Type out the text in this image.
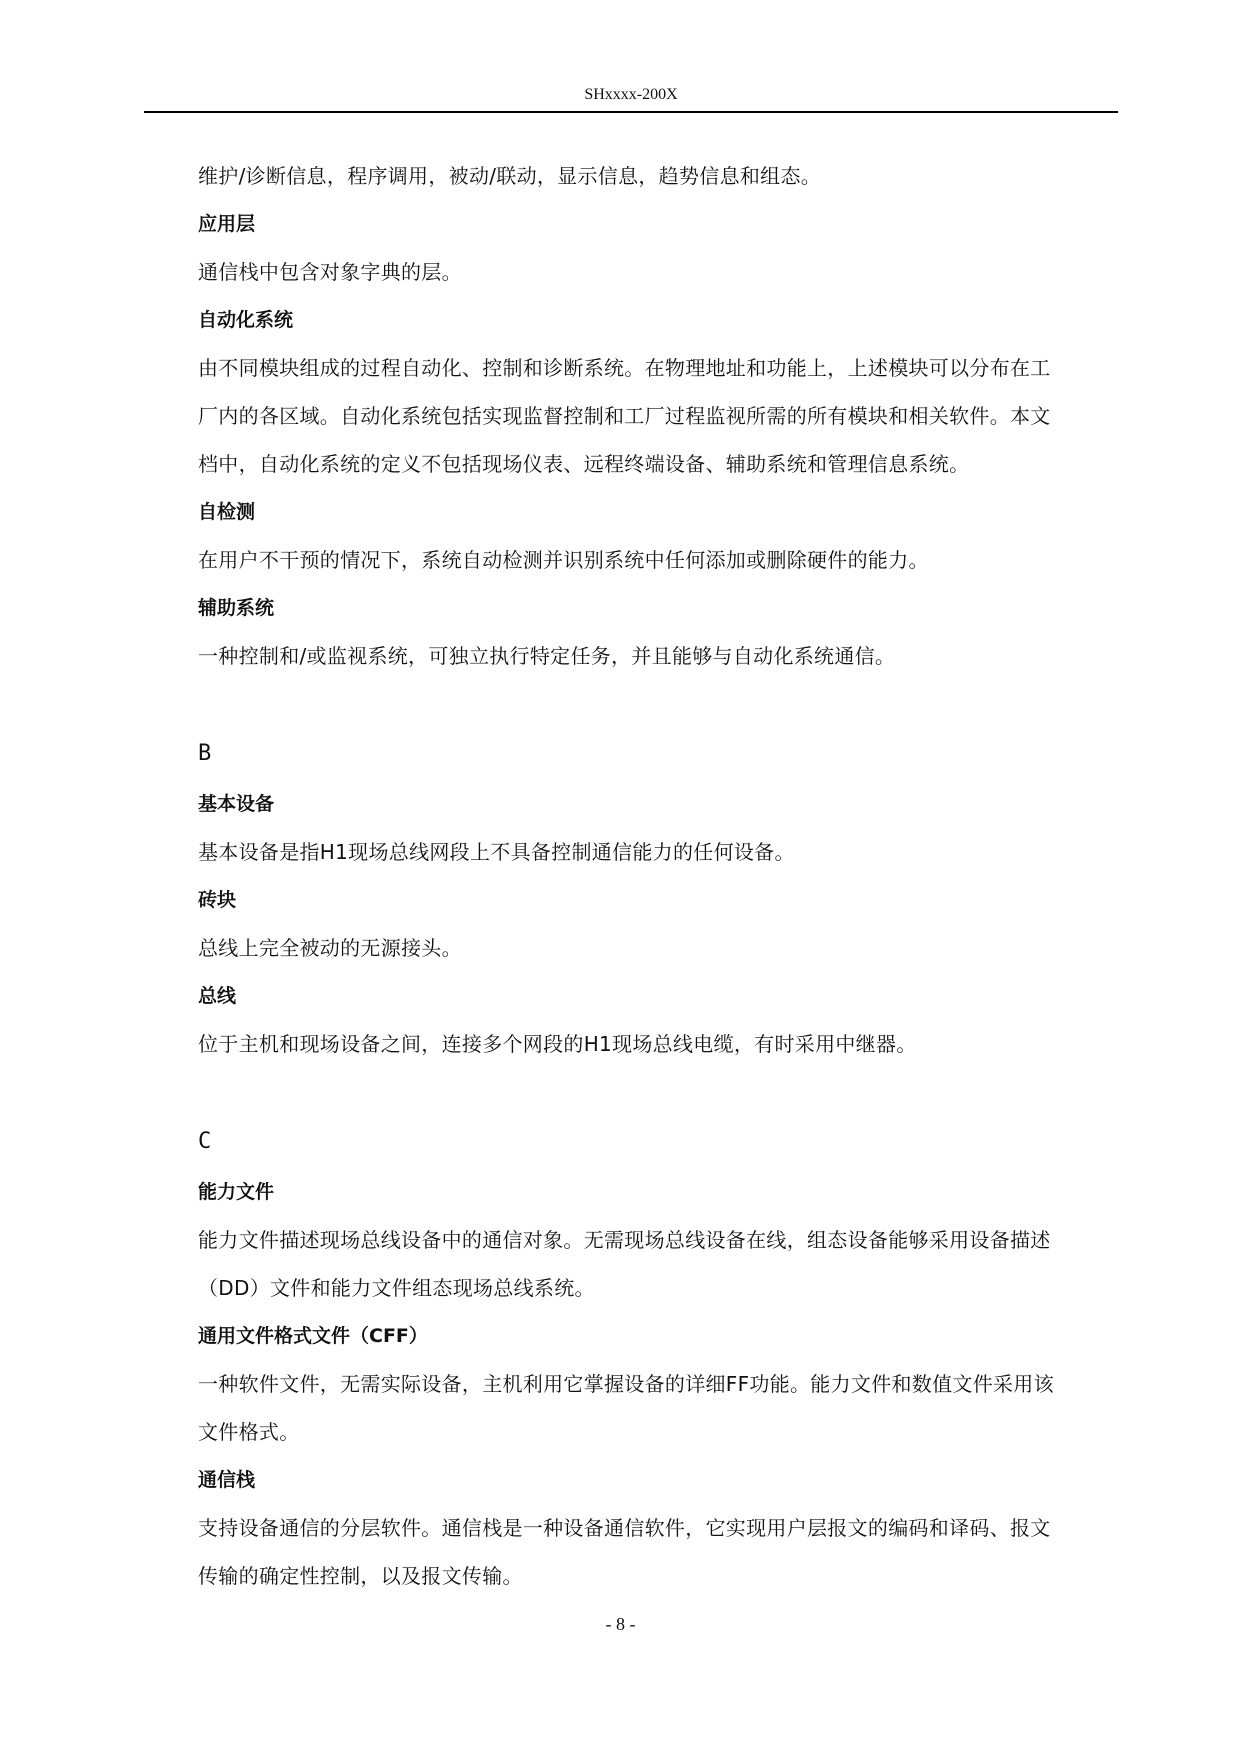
SHxxxx-200X

维护/诊断信息，程序调用，被动/联动，显示信息，趋势信息和组态。

应用层

通信栈中包含对象字典的层。

自动化系统

由不同模块组成的过程自动化、控制和诊断系统。在物理地址和功能上，上述模块可以分布在工

厂内的各区域。自动化系统包括实现监督控制和工厂过程监视所需的所有模块和相关软件。本文

档中，自动化系统的定义不包括现场仪表、远程终端设备、辅助系统和管理信息系统。

自检测

在用户不干预的情况下，系统自动检测并识别系统中任何添加或删除硬件的能力。

辅助系统

一种控制和/或监视系统，可独立执行特定任务，并且能够与自动化系统通信。

B

基本设备

基本设备是指H1现场总线网段上不具备控制通信能力的任何设备。

砖块

总线上完全被动的无源接头。

总线

位于主机和现场设备之间，连接多个网段的H1现场总线电缆，有时采用中继器。

C

能力文件

能力文件描述现场总线设备中的通信对象。无需现场总线设备在线，组态设备能够采用设备描述

（DD）文件和能力文件组态现场总线系统。

通用文件格式文件（CFF）

一种软件文件，无需实际设备，主机利用它掌握设备的详细FF功能。能力文件和数值文件采用该

文件格式。

通信栈

支持设备通信的分层软件。通信栈是一种设备通信软件，它实现用户层报文的编码和译码、报文

传输的确定性控制，以及报文传输。

- 8 -
